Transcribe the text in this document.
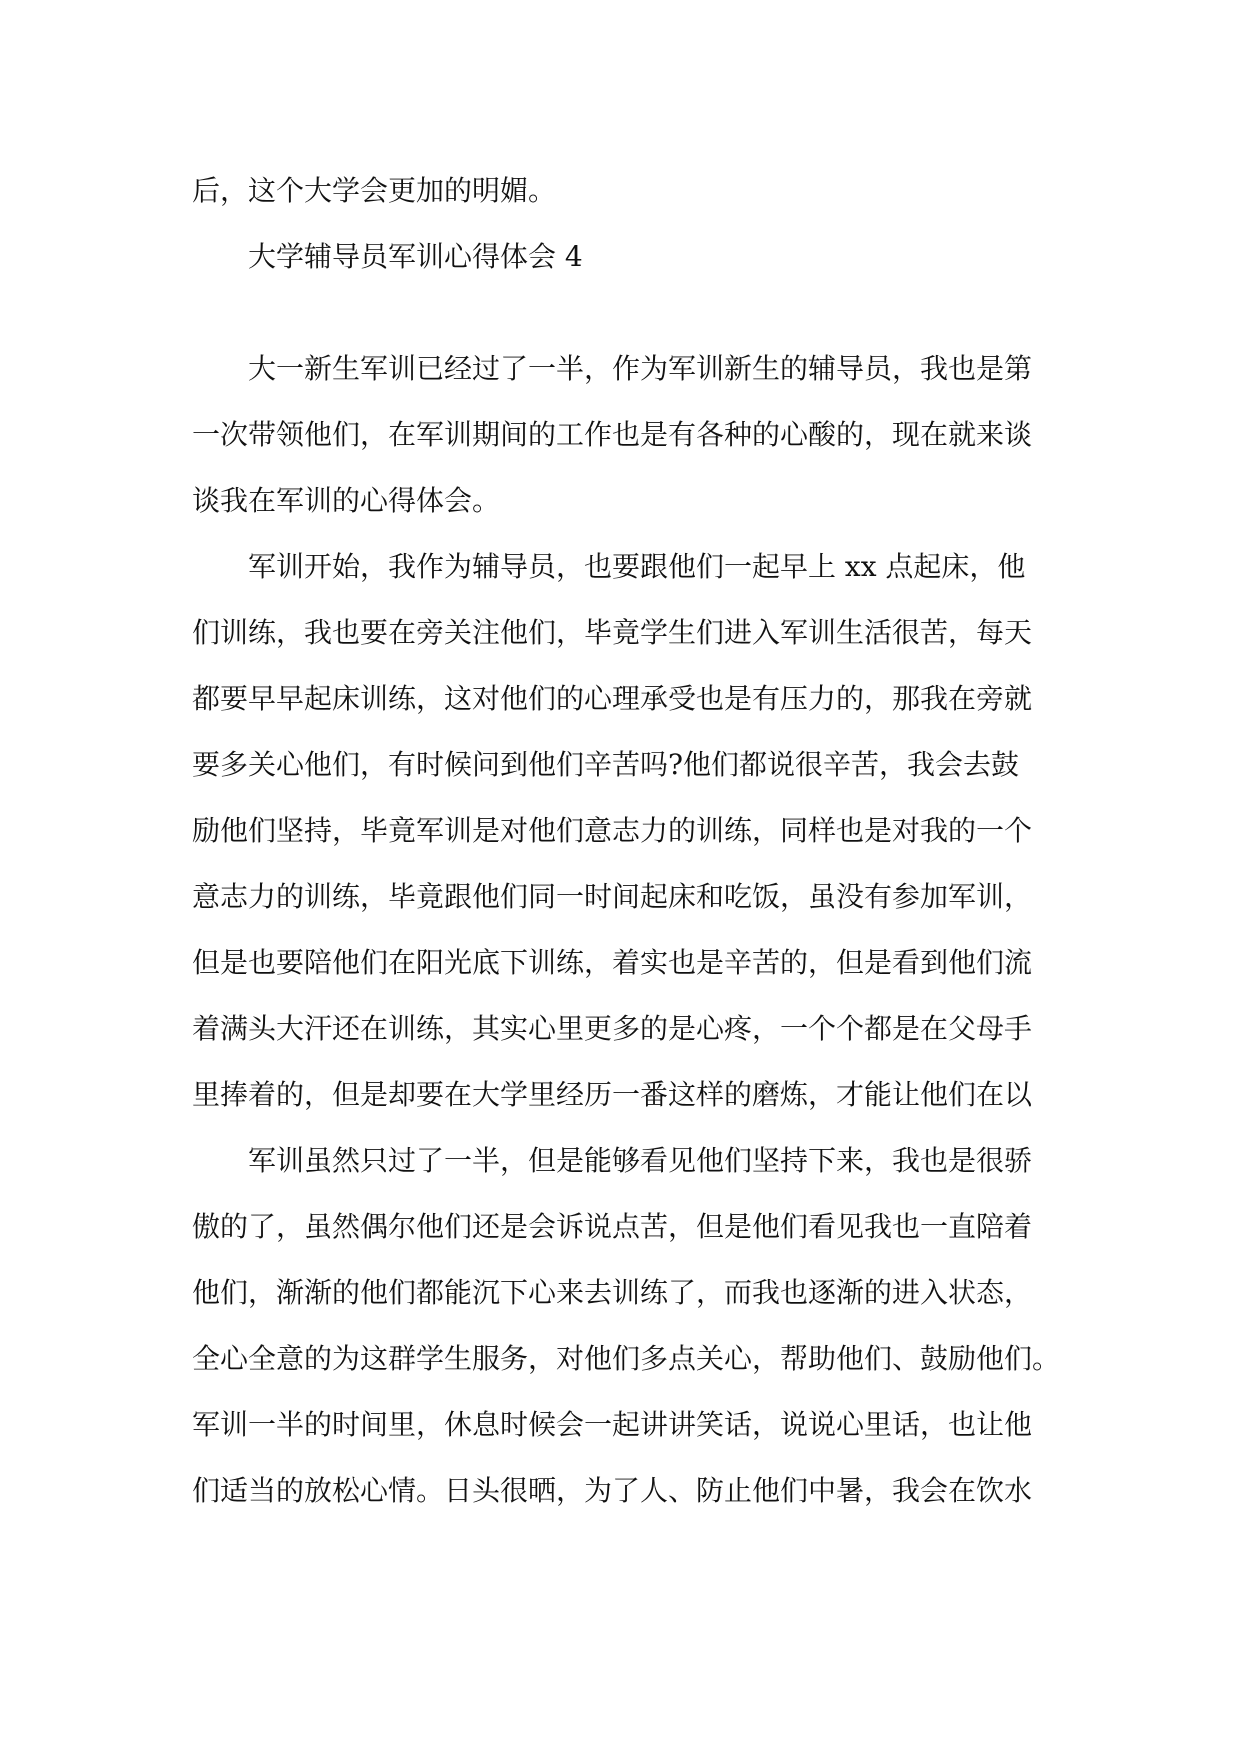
后，这个大学会更加的明媚。
大学辅导员军训心得体会 4
大一新生军训已经过了一半，作为军训新生的辅导员，我也是第
一次带领他们，在军训期间的工作也是有各种的心酸的，现在就来谈
谈我在军训的心得体会。
军训开始，我作为辅导员，也要跟他们一起早上 xx 点起床，他
们训练，我也要在旁关注他们，毕竟学生们进入军训生活很苦，每天
都要早早起床训练，这对他们的心理承受也是有压力的，那我在旁就
要多关心他们，有时候问到他们辛苦吗?他们都说很辛苦，我会去鼓
励他们坚持，毕竟军训是对他们意志力的训练，同样也是对我的一个
意志力的训练，毕竟跟他们同一时间起床和吃饭，虽没有参加军训，
但是也要陪他们在阳光底下训练，着实也是辛苦的，但是看到他们流
着满头大汗还在训练，其实心里更多的是心疼，一个个都是在父母手
里捧着的，但是却要在大学里经历一番这样的磨炼，才能让他们在以
军训虽然只过了一半，但是能够看见他们坚持下来，我也是很骄
傲的了，虽然偶尔他们还是会诉说点苦，但是他们看见我也一直陪着
他们，渐渐的他们都能沉下心来去训练了，而我也逐渐的进入状态，
全心全意的为这群学生服务，对他们多点关心，帮助他们、鼓励他们。
军训一半的时间里，休息时候会一起讲讲笑话，说说心里话，也让他
们适当的放松心情。日头很晒，为了人、防止他们中暑，我会在饮水
